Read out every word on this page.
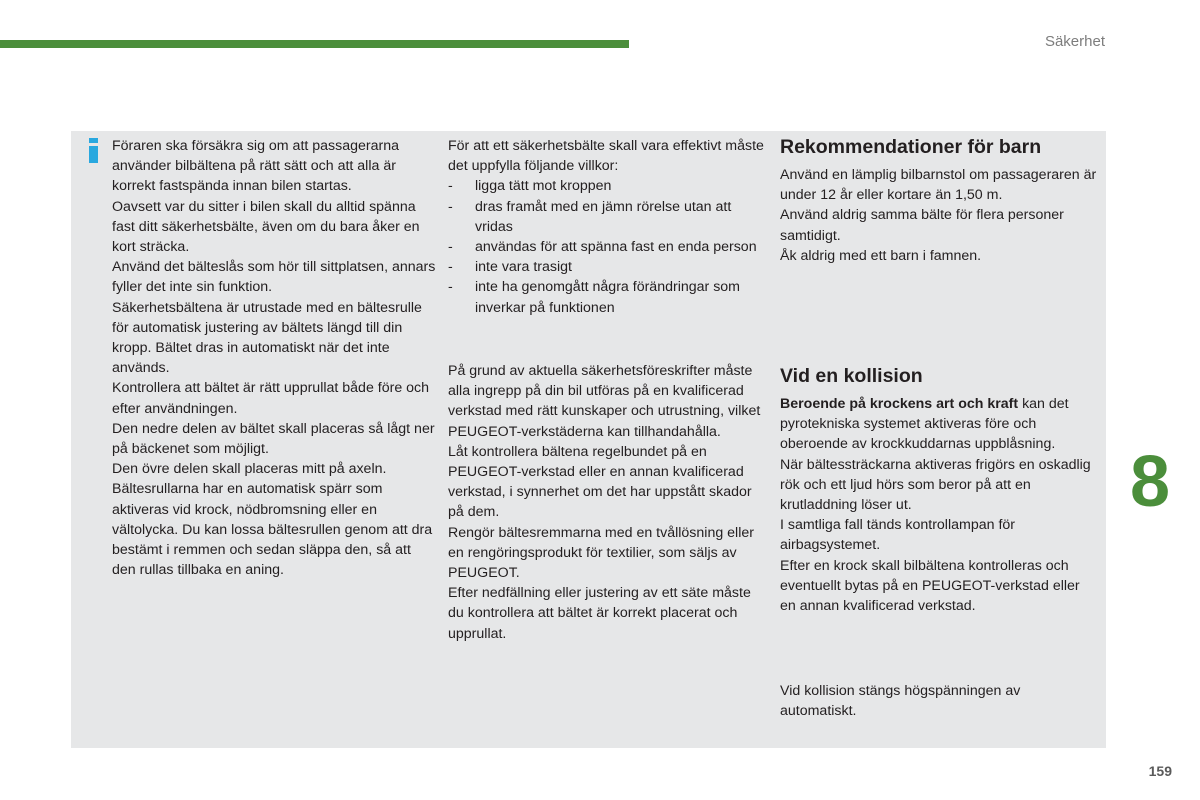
Säkerhet

Föraren ska försäkra sig om att passagerarna använder bilbältena på rätt sätt och att alla är korrekt fastspända innan bilen startas.

Oavsett var du sitter i bilen skall du alltid spänna fast ditt säkerhetsbälte, även om du bara åker en kort sträcka.

Använd det bälteslås som hör till sittplatsen, annars fyller det inte sin funktion.

Säkerhetsbältena är utrustade med en bältesrulle för automatisk justering av bältets längd till din kropp. Bältet dras in automatiskt när det inte används.

Kontrollera att bältet är rätt upprullat både före och efter användningen.

Den nedre delen av bältet skall placeras så lågt ner på bäckenet som möjligt.

Den övre delen skall placeras mitt på axeln.

Bältesrullarna har en automatisk spärr som aktiveras vid krock, nödbromsning eller en vältolycka. Du kan lossa bältesrullen genom att dra bestämt i remmen och sedan släppa den, så att den rullas tillbaka en aning.

För att ett säkerhetsbälte skall vara effektivt måste det uppfylla följande villkor:

- ligga tätt mot kroppen
- dras framåt med en jämn rörelse utan att vridas
- användas för att spänna fast en enda person
- inte vara trasigt
- inte ha genomgått några förändringar som inverkar på funktionen

På grund av aktuella säkerhetsföreskrifter måste alla ingrepp på din bil utföras på en kvalificerad verkstad med rätt kunskaper och utrustning, vilket PEUGEOT-verkstäderna kan tillhandahålla.

Låt kontrollera bältena regelbundet på en PEUGEOT-verkstad eller en annan kvalificerad verkstad, i synnerhet om det har uppstått skador på dem.

Rengör bältesremmarna med en tvållösning eller en rengöringsprodukt för textilier, som säljs av PEUGEOT.

Efter nedfällning eller justering av ett säte måste du kontrollera att bältet är korrekt placerat och upprullat.

Rekommendationer för barn

Använd en lämplig bilbarnstol om passageraren är under 12 år eller kortare än 1,50 m.

Använd aldrig samma bälte för flera personer samtidigt.

Åk aldrig med ett barn i famnen.

Vid en kollision

Beroende på krockens art och kraft kan det pyrotekniska systemet aktiveras före och oberoende av krockkuddarnas uppblåsning.

När bältessträckarna aktiveras frigörs en oskadlig rök och ett ljud hörs som beror på att en krutladdning löser ut.

I samtliga fall tänds kontrollampan för airbagsystemet.

Efter en krock skall bilbältena kontrolleras och eventuellt bytas på en PEUGEOT-verkstad eller en annan kvalificerad verkstad.

Vid kollision stängs högspänningen av automatiskt.

8
159
